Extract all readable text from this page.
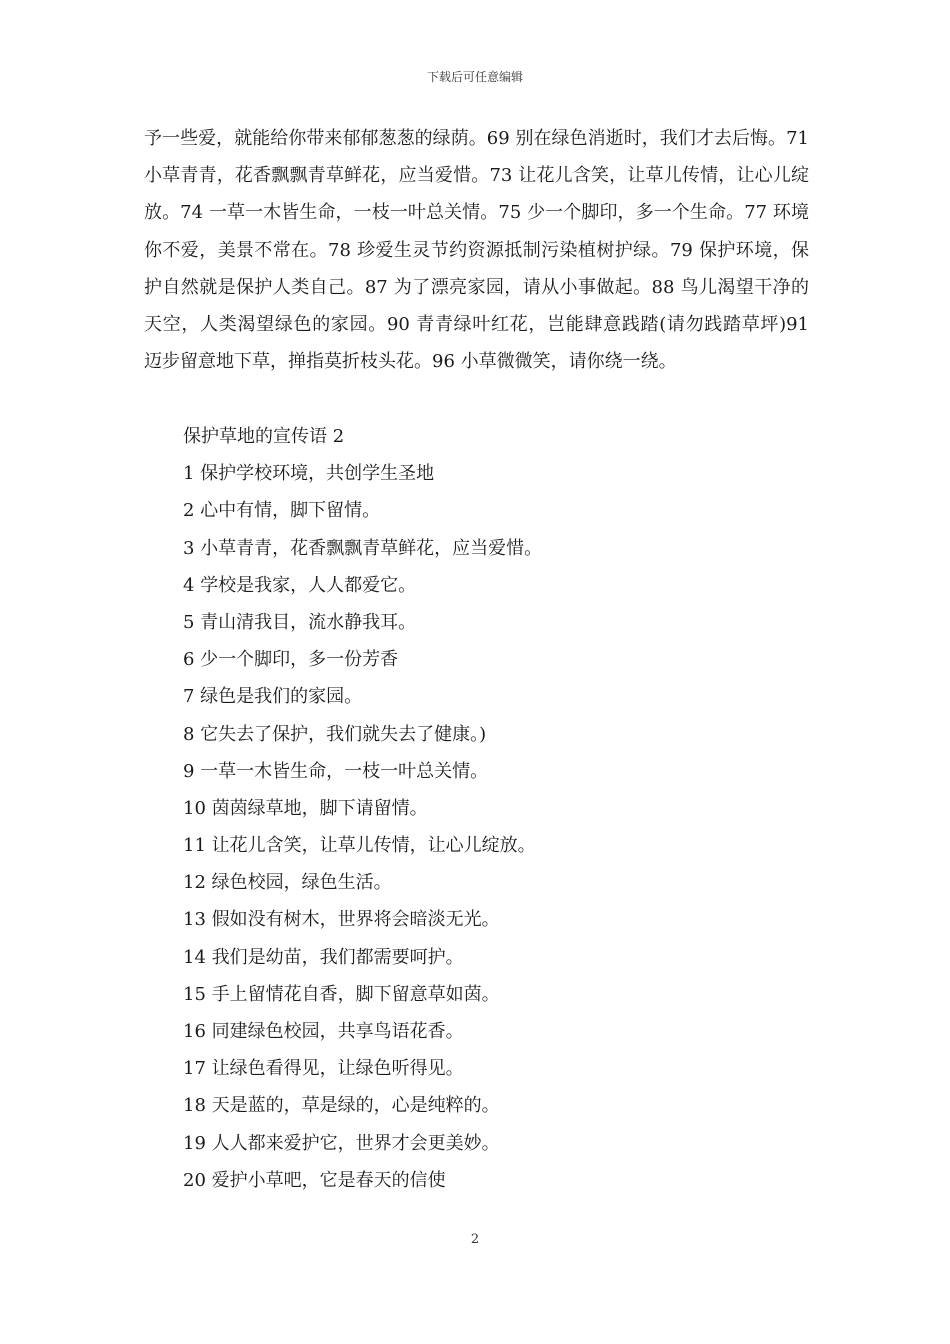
下载后可任意编辑

予一些爱，就能给你带来郁郁葱葱的绿荫。69 别在绿色消逝时，我们才去后悔。71 小草青青，花香飘飘青草鲜花，应当爱惜。73 让花儿含笑，让草儿传情，让心儿绽放。74 一草一木皆生命，一枝一叶总关情。75 少一个脚印，多一个生命。77 环境你不爱，美景不常在。78 珍爱生灵节约资源抵制污染植树护绿。79 保护环境，保护自然就是保护人类自己。87 为了漂亮家园，请从小事做起。88 鸟儿渴望干净的天空，人类渴望绿色的家园。90 青青绿叶红花，岂能肆意践踏(请勿践踏草坪)91 迈步留意地下草，掸指莫折枝头花。96 小草微微笑，请你绕一绕。

保护草地的宣传语 2
1 保护学校环境，共创学生圣地
2 心中有情，脚下留情。
3 小草青青，花香飘飘青草鲜花，应当爱惜。
4 学校是我家，人人都爱它。
5 青山清我目，流水静我耳。
6 少一个脚印，多一份芳香
7 绿色是我们的家园。
8 它失去了保护，我们就失去了健康。)
9 一草一木皆生命，一枝一叶总关情。
10 茵茵绿草地，脚下请留情。
11 让花儿含笑，让草儿传情，让心儿绽放。
12 绿色校园，绿色生活。
13 假如没有树木，世界将会暗淡无光。
14 我们是幼苗，我们都需要呵护。
15 手上留情花自香，脚下留意草如茵。
16 同建绿色校园，共享鸟语花香。
17 让绿色看得见，让绿色听得见。
18 天是蓝的，草是绿的，心是纯粹的。
19 人人都来爱护它，世界才会更美妙。
20 爱护小草吧，它是春天的信使
2
